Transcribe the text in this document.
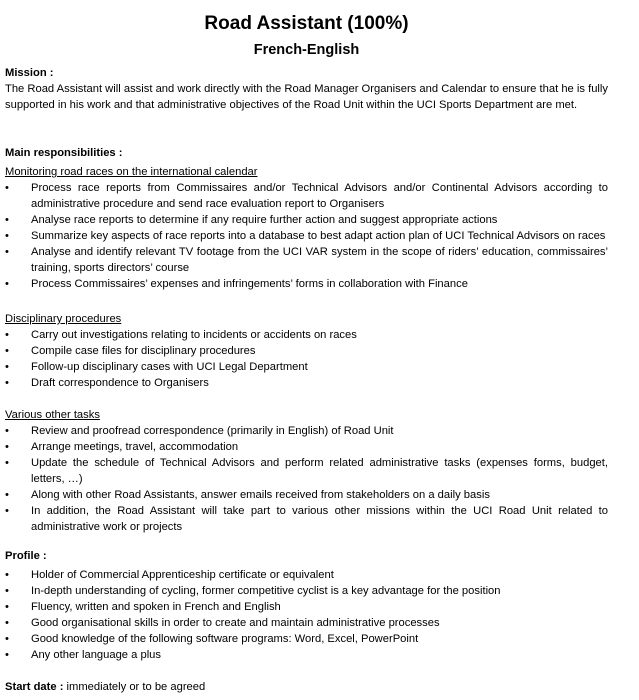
Road Assistant (100%)
French-English
Mission :
The Road Assistant will assist and work directly with the Road Manager Organisers and Calendar to ensure that he is fully supported in his work and that administrative objectives of the Road Unit within the UCI Sports Department are met.
Main responsibilities :
Monitoring road races on the international calendar
•	Process race reports from Commissaires and/or Technical Advisors and/or Continental Advisors according to administrative procedure and send race evaluation report to Organisers
•	Analyse race reports to determine if any require further action and suggest appropriate actions
•	Summarize key aspects of race reports into a database to best adapt action plan of UCI Technical Advisors on races
•	Analyse and identify relevant TV footage from the UCI VAR system in the scope of riders’ education, commissaires’ training, sports directors’ course
•	Process Commissaires’ expenses and infringements’ forms in collaboration with Finance
Disciplinary procedures
•	Carry out investigations relating to incidents or accidents on races
•	Compile case files for disciplinary procedures
•	Follow-up disciplinary cases with UCI Legal Department
•	Draft correspondence to Organisers
Various other tasks
•	Review and proofread correspondence (primarily in English) of Road Unit
•	Arrange meetings, travel, accommodation
•	Update the schedule of Technical Advisors and perform related administrative tasks (expenses forms, budget, letters, …)
•	Along with other Road Assistants, answer emails received from stakeholders on a daily basis
•	In addition, the Road Assistant will take part to various other missions within the UCI Road Unit related to administrative work or projects
Profile :
•	Holder of Commercial Apprenticeship certificate or equivalent
•	In-depth understanding of cycling, former competitive cyclist is a key advantage for the position
•	Fluency, written and spoken in French and English
•	Good organisational skills in order to create and maintain administrative processes
•	Good knowledge of the following software programs: Word, Excel, PowerPoint
•	Any other language a plus
Start date : immediately or to be agreed
